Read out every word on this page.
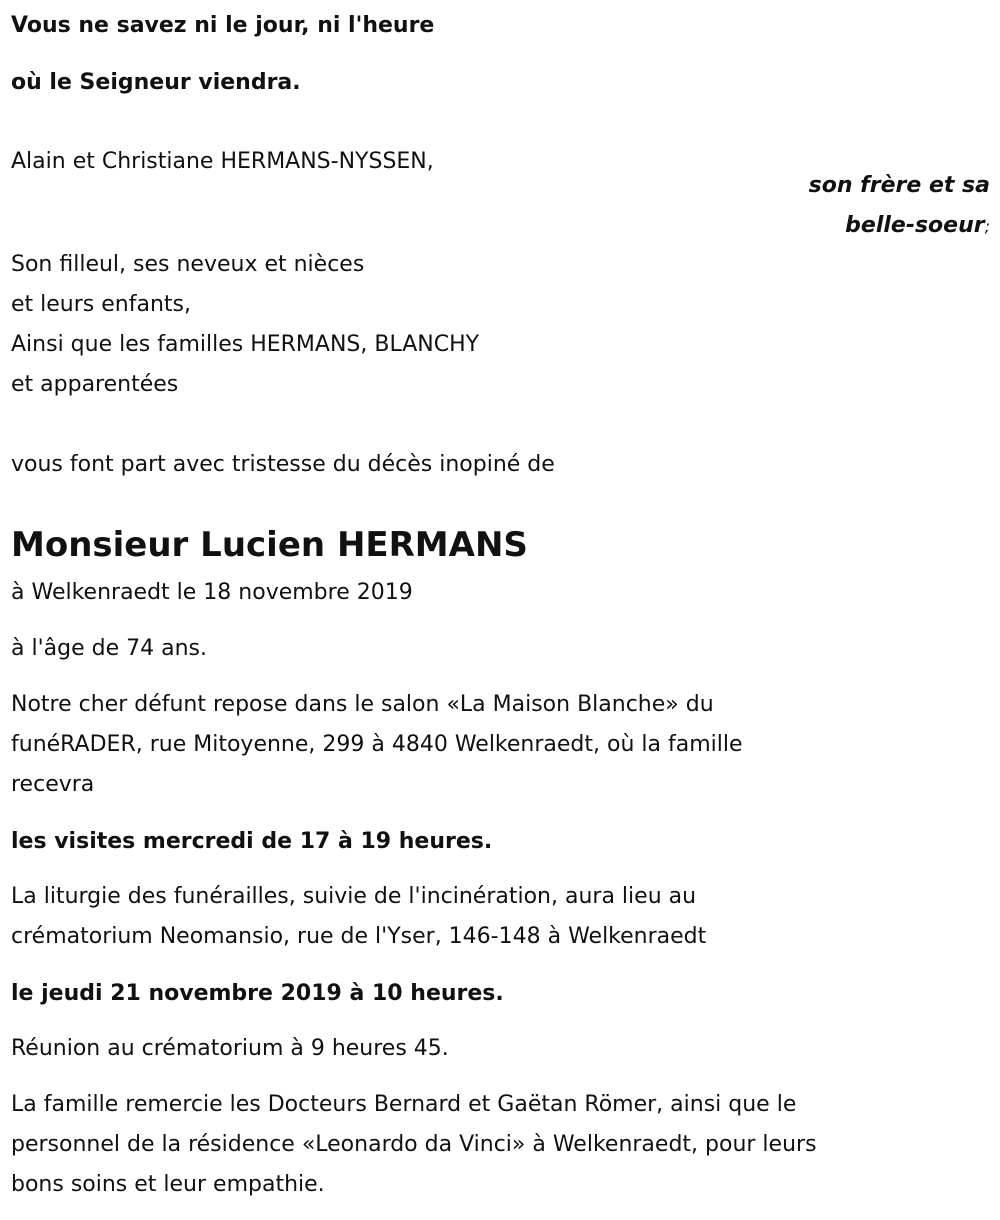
Vous ne savez ni le jour, ni l'heure
où le Seigneur viendra.
Alain et Christiane HERMANS-NYSSEN,
son frère et sa
belle-soeur;
Son filleul, ses neveux et nièces
et leurs enfants,
Ainsi que les familles HERMANS, BLANCHY
et apparentées
vous font part avec tristesse du décès inopiné de
Monsieur Lucien HERMANS
à Welkenraedt le 18 novembre 2019
à l'âge de 74 ans.
Notre cher défunt repose dans le salon «La Maison Blanche» du
funéRADER, rue Mitoyenne, 299 à 4840 Welkenraedt, où la famille
recevra
les visites mercredi de 17 à 19 heures.
La liturgie des funérailles, suivie de l'incinération, aura lieu au
crématorium Neomansio, rue de l'Yser, 146-148 à Welkenraedt
le jeudi 21 novembre 2019 à 10 heures.
Réunion au crématorium à 9 heures 45.
La famille remercie les Docteurs Bernard et Gaëtan Römer, ainsi que le
personnel de la résidence «Leonardo da Vinci» à Welkenraedt, pour leurs
bons soins et leur empathie.
